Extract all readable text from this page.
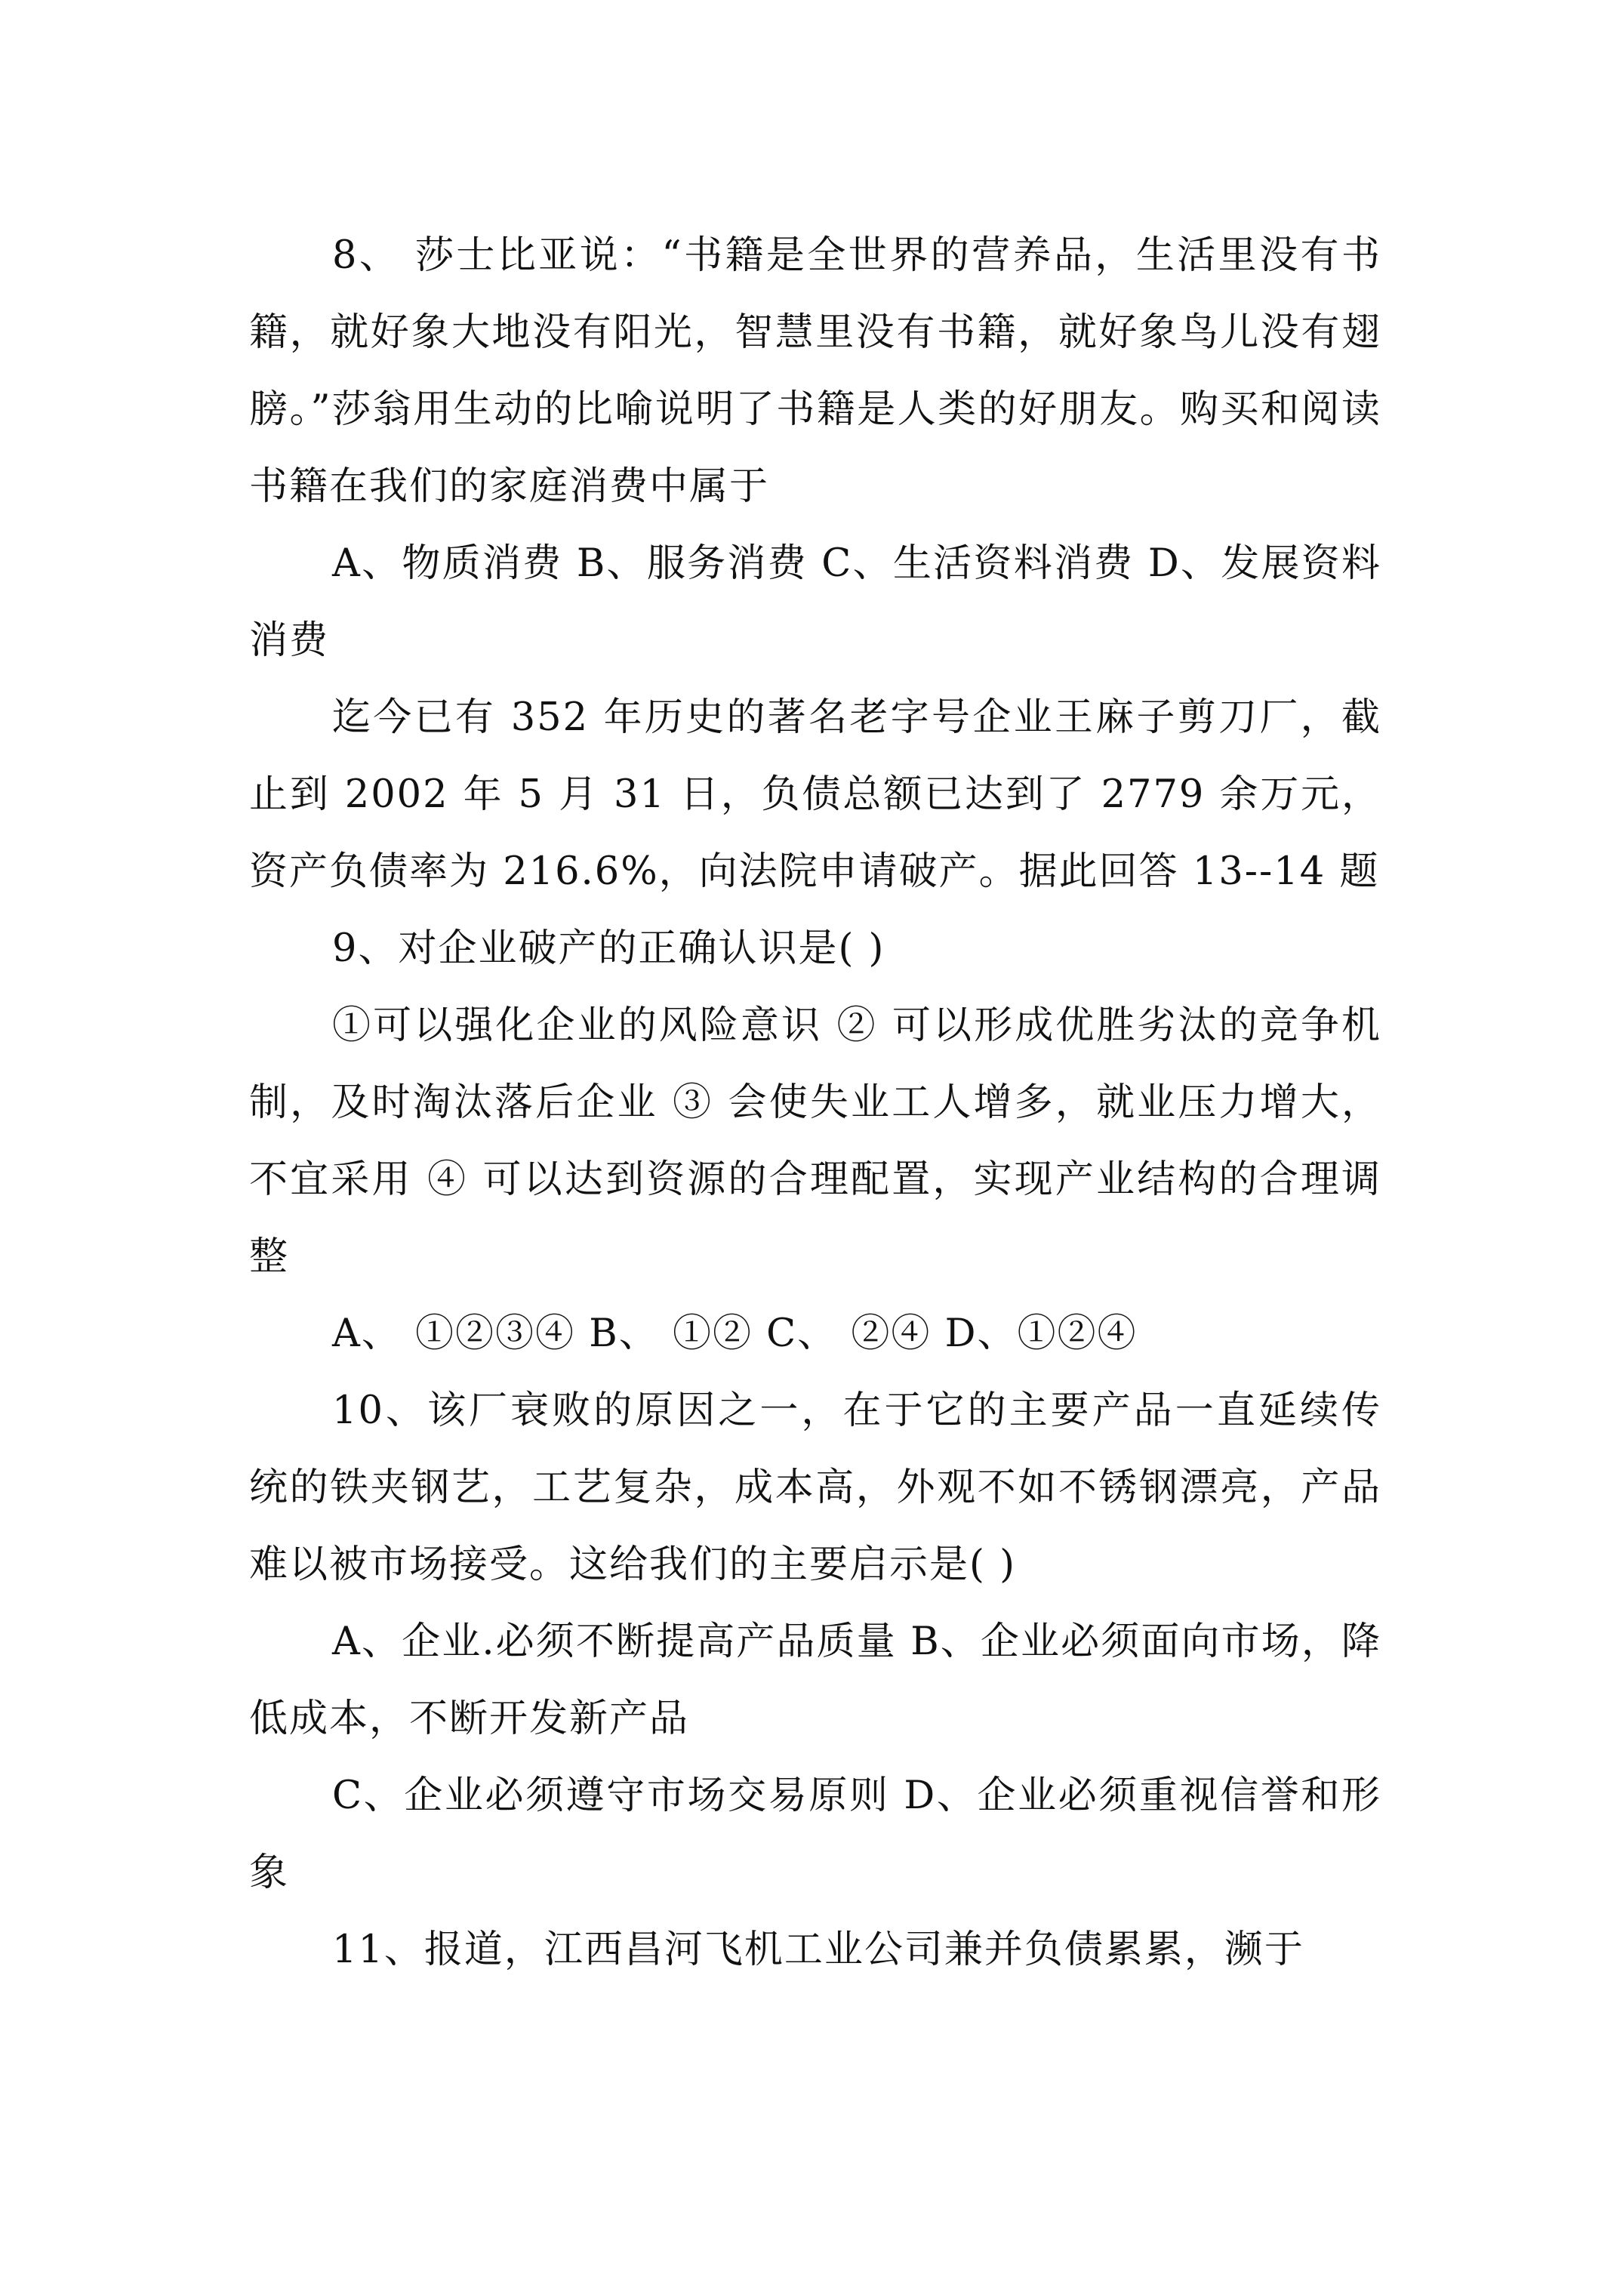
8、 莎士比亚说：“书籍是全世界的营养品，生活里没有书籍，就好象大地没有阳光，智慧里没有书籍，就好象鸟儿没有翅膀。”莎翁用生动的比喻说明了书籍是人类的好朋友。购买和阅读书籍在我们的家庭消费中属于

A、物质消费 B、服务消费 C、生活资料消费 D、发展资料消费

迄今已有 352 年历史的著名老字号企业王麻子剪刀厂，截止到 2002 年 5 月 31 日，负债总额已达到了 2779 余万元，资产负债率为 216.6%，向法院申请破产。据此回答 13--14 题

9、对企业破产的正确认识是( )

①可以强化企业的风险意识 ② 可以形成优胜劣汰的竞争机制，及时淘汰落后企业 ③ 会使失业工人增多，就业压力增大，不宜采用 ④ 可以达到资源的合理配置，实现产业结构的合理调整

A、 ①②③④ B、 ①② C、 ②④ D、①②④

10、该厂衰败的原因之一，在于它的主要产品一直延续传统的铁夹钢艺，工艺复杂，成本高，外观不如不锈钢漂亮，产品难以被市场接受。这给我们的主要启示是( )

A、企业.必须不断提高产品质量 B、企业必须面向市场，降低成本，不断开发新产品

C、企业必须遵守市场交易原则 D、企业必须重视信誉和形象

11、报道，江西昌河飞机工业公司兼并负债累累，濒于
